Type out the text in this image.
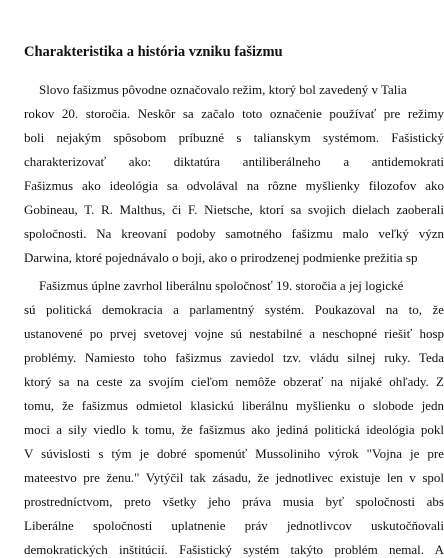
Charakteristika a história vzniku fašizmu
Slovo fašizmus pôvodne označovalo režim, ktorý bol zavedený v Talia
rokov 20. storočia. Neskôr sa začalo toto označenie používať pre režimy
boli nejakým spôsobom príbuzné s talianskym systémom. Fašistický
charakterizovať ako: diktatúra antiliberálneho a antidemokrati
Fašizmus ako ideológia sa odvolával na rôzne myšlienky filozofov ako
Gobineau, T. R. Malthus, či F. Nietsche, ktorí sa svojich dielach zaoberali
spoločnosti. Na kreovaní podoby samotného fašizmu malo veľký význ
Darwina, ktoré pojednávalo o boji, ako o prirodzenej podmienke prežitia sp
Fašizmus úplne zavrhol liberálnu spoločnosť 19. storočia a jej logické
sú politická demokracia a parlamentný systém. Poukazoval na to, že
ustanovené po prvej svetovej vojne sú nestabilné a neschopné riešiť hosp
problémy. Namiesto toho fašizmus zaviedol tzv. vládu silnej ruky. Teda
ktorý sa na ceste za svojím cieľom nemôže obzerať na nijaké ohľady. Z
tomu, že fašizmus odmietol klasickú liberálnu myšlienku o slobode jedn
moci a sily viedlo k tomu, že fašizmus ako jediná politická ideológia pokl
V súvislosti s tým je dobré spomenúť Mussoliniho výrok "Vojna je pre
mateestvo pre ženu." Vytýčil tak zásadu, že jednotlivec existuje len v spol
prostredníctvom, preto všetky jeho práva musia byť spoločnosti abs
Liberálne spoločnosti uplatnenie práv jednotlivcov uskutočňovali
demokratických inštitúcií. Fašistický systém takýto problém nemal. A
